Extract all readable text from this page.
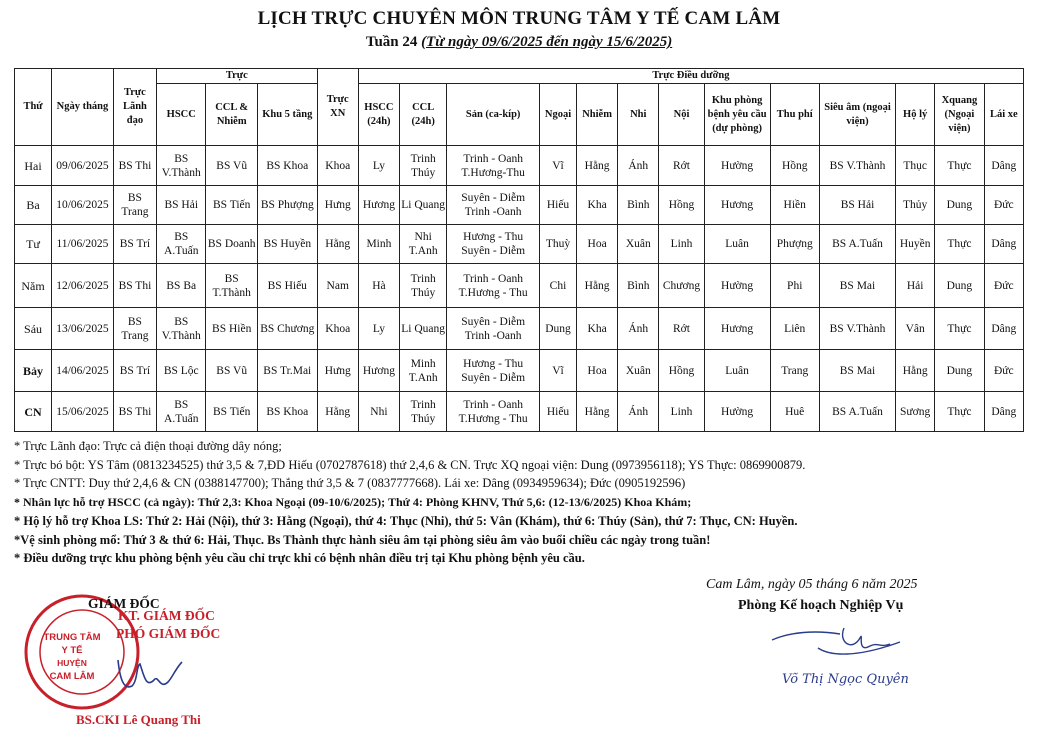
LỊCH TRỰC CHUYÊN MÔN TRUNG TÂM Y TẾ CAM LÂM
Tuần 24 (Từ ngày 09/6/2025 đến ngày 15/6/2025)
Thứ	Ngày tháng	Trực Lãnh đạo	Trực			Trực XN	Trực Điều dưỡng												
			HSCC	CCL & Nhiễm	Khu 5 tầng		HSCC (24h)	CCL (24h)	Sản (ca-kíp)	Ngoại	Nhiễm	Nhi	Nội	Khu phòng bệnh yêu cầu (dự phòng)	Thu phí	Siêu âm (ngoại viện)	Hộ lý	Xquang (Ngoại viện)	Lái xe
Hai	09/06/2025	BS Thi	BS V.Thành	BS Vũ	BS Khoa	Khoa	Ly	Trinh Thúy	Trinh - Oanh T.Hương-Thu	Vĩ	Hằng	Ánh	Rớt	Hường	Hồng	BS V.Thành	Thục	Thực	Dâng
Ba	10/06/2025	BS Trang	BS Hải	BS Tiến	BS Phượng	Hưng	Hương	Li Quang	Suyên - Diễm Trinh -Oanh	Hiếu	Kha	Bình	Hồng	Hương	Hiền	BS Hải	Thủy	Dung	Đức
Tư	11/06/2025	BS Trí	BS A.Tuấn	BS Doanh	BS Huyền	Hằng	Minh	Nhi T.Anh	Hương - Thu Suyên - Diễm	Thuỳ	Hoa	Xuân	Linh	Luân	Phượng	BS A.Tuấn	Huyền	Thực	Dâng
Năm	12/06/2025	BS Thi	BS Ba	BS T.Thành	BS Hiếu	Nam	Hà	Trinh Thúy	Trinh - Oanh T.Hương - Thu	Chi	Hằng	Bình	Chương	Hường	Phi	BS Mai	Hải	Dung	Đức
Sáu	13/06/2025	BS Trang	BS V.Thành	BS Hiền	BS Chương	Khoa	Ly	Li Quang	Suyên - Diễm Trinh -Oanh	Dung	Kha	Ánh	Rớt	Hương	Liên	BS V.Thành	Vân	Thực	Dâng
Bảy	14/06/2025	BS Trí	BS Lộc	BS Vũ	BS Tr.Mai	Hưng	Hương	Minh T.Anh	Hương - Thu Suyên - Diễm	Vĩ	Hoa	Xuân	Hồng	Luân	Trang	BS Mai	Hằng	Dung	Đức
CN	15/06/2025	BS Thi	BS A.Tuấn	BS Tiến	BS Khoa	Hằng	Nhi	Trinh Thúy	Trinh - Oanh T.Hương - Thu	Hiếu	Hằng	Ánh	Linh	Hường	Huê	BS A.Tuấn	Sương	Thực	Dâng
* Trực Lãnh đạo: Trực cả điện thoại đường dây nóng;
* Trực bó bột: YS Tâm (0813234525) thứ 3,5 & 7,ĐD Hiếu (0702787618) thứ 2,4,6 & CN. Trực XQ ngoại viện: Dung (0973956118); YS Thực: 0869900879.
* Trực CNTT: Duy thứ 2,4,6 & CN (0388147700); Thắng thứ 3,5 & 7 (0837777668). Lái xe: Dâng (0934959634); Đức (0905192596)
* Nhân lực hỗ trợ HSCC (cả ngày): Thứ 2,3: Khoa Ngoại (09-10/6/2025); Thứ 4: Phòng KHNV, Thứ 5,6: (12-13/6/2025) Khoa Khám;
* Hộ lý hỗ trợ Khoa LS: Thứ 2: Hải (Nội), thứ 3: Hằng (Ngoại), thứ 4: Thục (Nhi), thứ 5: Vân (Khám), thứ 6: Thúy (Sản), thứ 7: Thục, CN: Huyền.
*Vệ sinh phòng mổ: Thứ 3 & thứ 6: Hải, Thục. Bs Thành thực hành siêu âm tại phòng siêu âm vào buổi chiều các ngày trong tuần!
* Điều dưỡng trực khu phòng bệnh yêu cầu chỉ trực khi có bệnh nhân điều trị tại Khu phòng bệnh yêu cầu.
Cam Lâm, ngày 05 tháng 6 năm 2025
Phòng Kế hoạch Nghiệp Vụ
Võ Thị Ngọc Quyên
TRUNG TÂM
Y TẾ
HUYỆN
CAM LÂM
GIÁM ĐỐC
KT. GIÁM ĐỐC
PHÓ GIÁM ĐỐC
BS.CKI Lê Quang Thi
